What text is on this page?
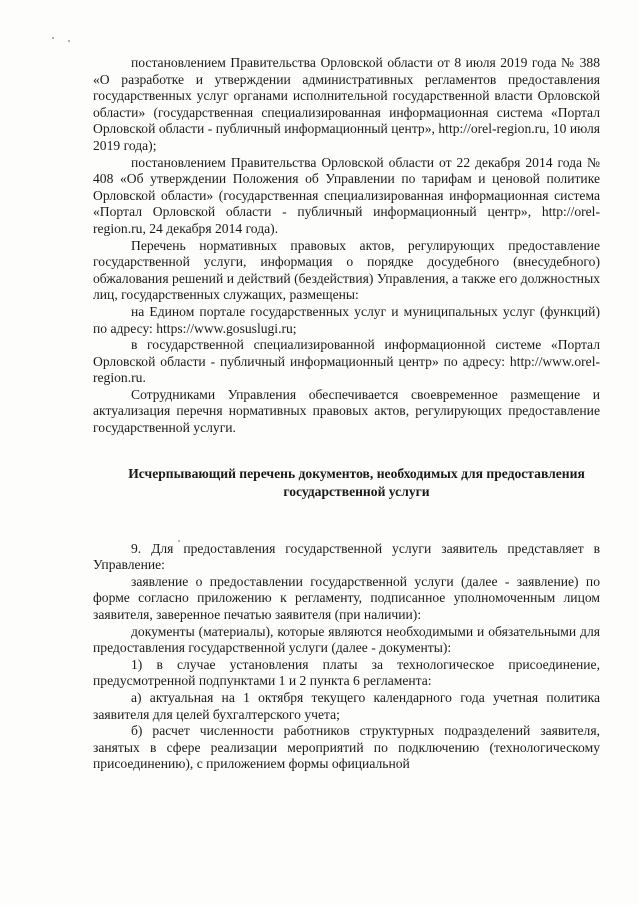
постановлением Правительства Орловской области от 8 июля 2019 года № 388 «О разработке и утверждении административных регламентов предоставления государственных услуг органами исполнительной государственной власти Орловской области» (государственная специализированная информационная система «Портал Орловской области - публичный информационный центр», http://orel-region.ru, 10 июля 2019 года);

постановлением Правительства Орловской области от 22 декабря 2014 года № 408 «Об утверждении Положения об Управлении по тарифам и ценовой политике Орловской области» (государственная специализированная информационная система «Портал Орловской области - публичный информационный центр», http://orel-region.ru, 24 декабря 2014 года).

Перечень нормативных правовых актов, регулирующих предоставление государственной услуги, информация о порядке досудебного (внесудебного) обжалования решений и действий (бездействия) Управления, а также его должностных лиц, государственных служащих, размещены:

на Едином портале государственных услуг и муниципальных услуг (функций) по адресу: https://www.gosuslugi.ru;

в государственной специализированной информационной системе «Портал Орловской области - публичный информационный центр» по адресу: http://www.orel-region.ru.

Сотрудниками Управления обеспечивается своевременное размещение и актуализация перечня нормативных правовых актов, регулирующих предоставление государственной услуги.

Исчерпывающий перечень документов, необходимых для предоставления государственной услуги

9. Для предоставления государственной услуги заявитель представляет в Управление:

заявление о предоставлении государственной услуги (далее - заявление) по форме согласно приложению к регламенту, подписанное уполномоченным лицом заявителя, заверенное печатью заявителя (при наличии):

документы (материалы), которые являются необходимыми и обязательными для предоставления государственной услуги (далее - документы):

1) в случае установления платы за технологическое присоединение, предусмотренной подпунктами 1 и 2 пункта 6 регламента:

а) актуальная на 1 октября текущего календарного года учетная политика заявителя для целей бухгалтерского учета;

б) расчет численности работников структурных подразделений заявителя, занятых в сфере реализации мероприятий по подключению (технологическому присоединению), с приложением формы официальной
